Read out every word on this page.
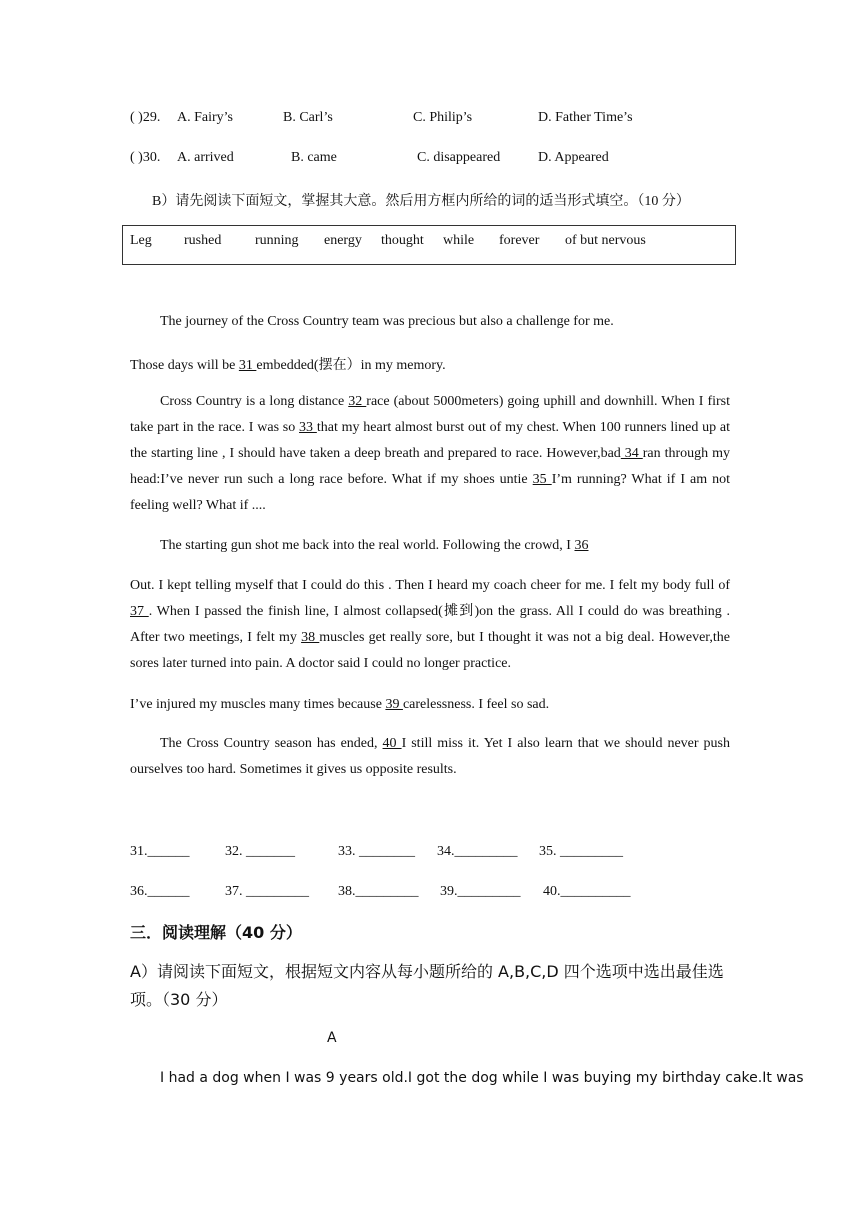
( )29. A. Fairy’s	B. Carl’s	C. Philip’s	D. Father Time’s
( )30. A. arrived	B. came	C. disappeared	D. Appeared
B）请先阅读下面短文，掌握其大意。然后用方框内所给的词的适当形式填空。（10 分）
Leg rushed running energy thought while forever of but nervous
The journey of the Cross Country team was precious but also a challenge for me.
Those days will be 31 embedded(摆在）in my memory.
Cross Country is a long distance 32 race (about 5000meters) going uphill and downhill. When I first take part in the race. I was so 33 that my heart almost burst out of my chest. When 100 runners lined up at the starting line , I should have taken a deep breath and prepared to race. However,bad 34 ran through my head:I’ve never run such a long race before. What if my shoes untie 35 I’m running? What if I am not feeling well? What if ....
The starting gun shot me back into the real world. Following the crowd, I 36
Out. I kept telling myself that I could do this . Then I heard my coach cheer for me. I felt my body full of 37 . When I passed the finish line, I almost collapsed(摊到)on the grass. All I could do was breathing . After two meetings, I felt my 38 muscles get really sore, but I thought it was not a big deal. However,the sores later turned into pain. A doctor said I could no longer practice.
I’ve injured my muscles many times because 39 carelessness. I feel so sad.
The Cross Country season has ended, 40 I still miss it. Yet I also learn that we should never push ourselves too hard. Sometimes it gives us opposite results.
31.______	32. _______	33. ________ 34._________ 35. _________
36.______	37. _________ 38._________ 39._________ 40.__________
三．阅读理解（40 分）
A）请阅读下面短文，根据短文内容从每小题所给的 A,B,C,D 四个选项中选出最佳选项。（30 分）
A
I had a dog when I was 9 years old.I got the dog while I was buying my birthday cake.It was
